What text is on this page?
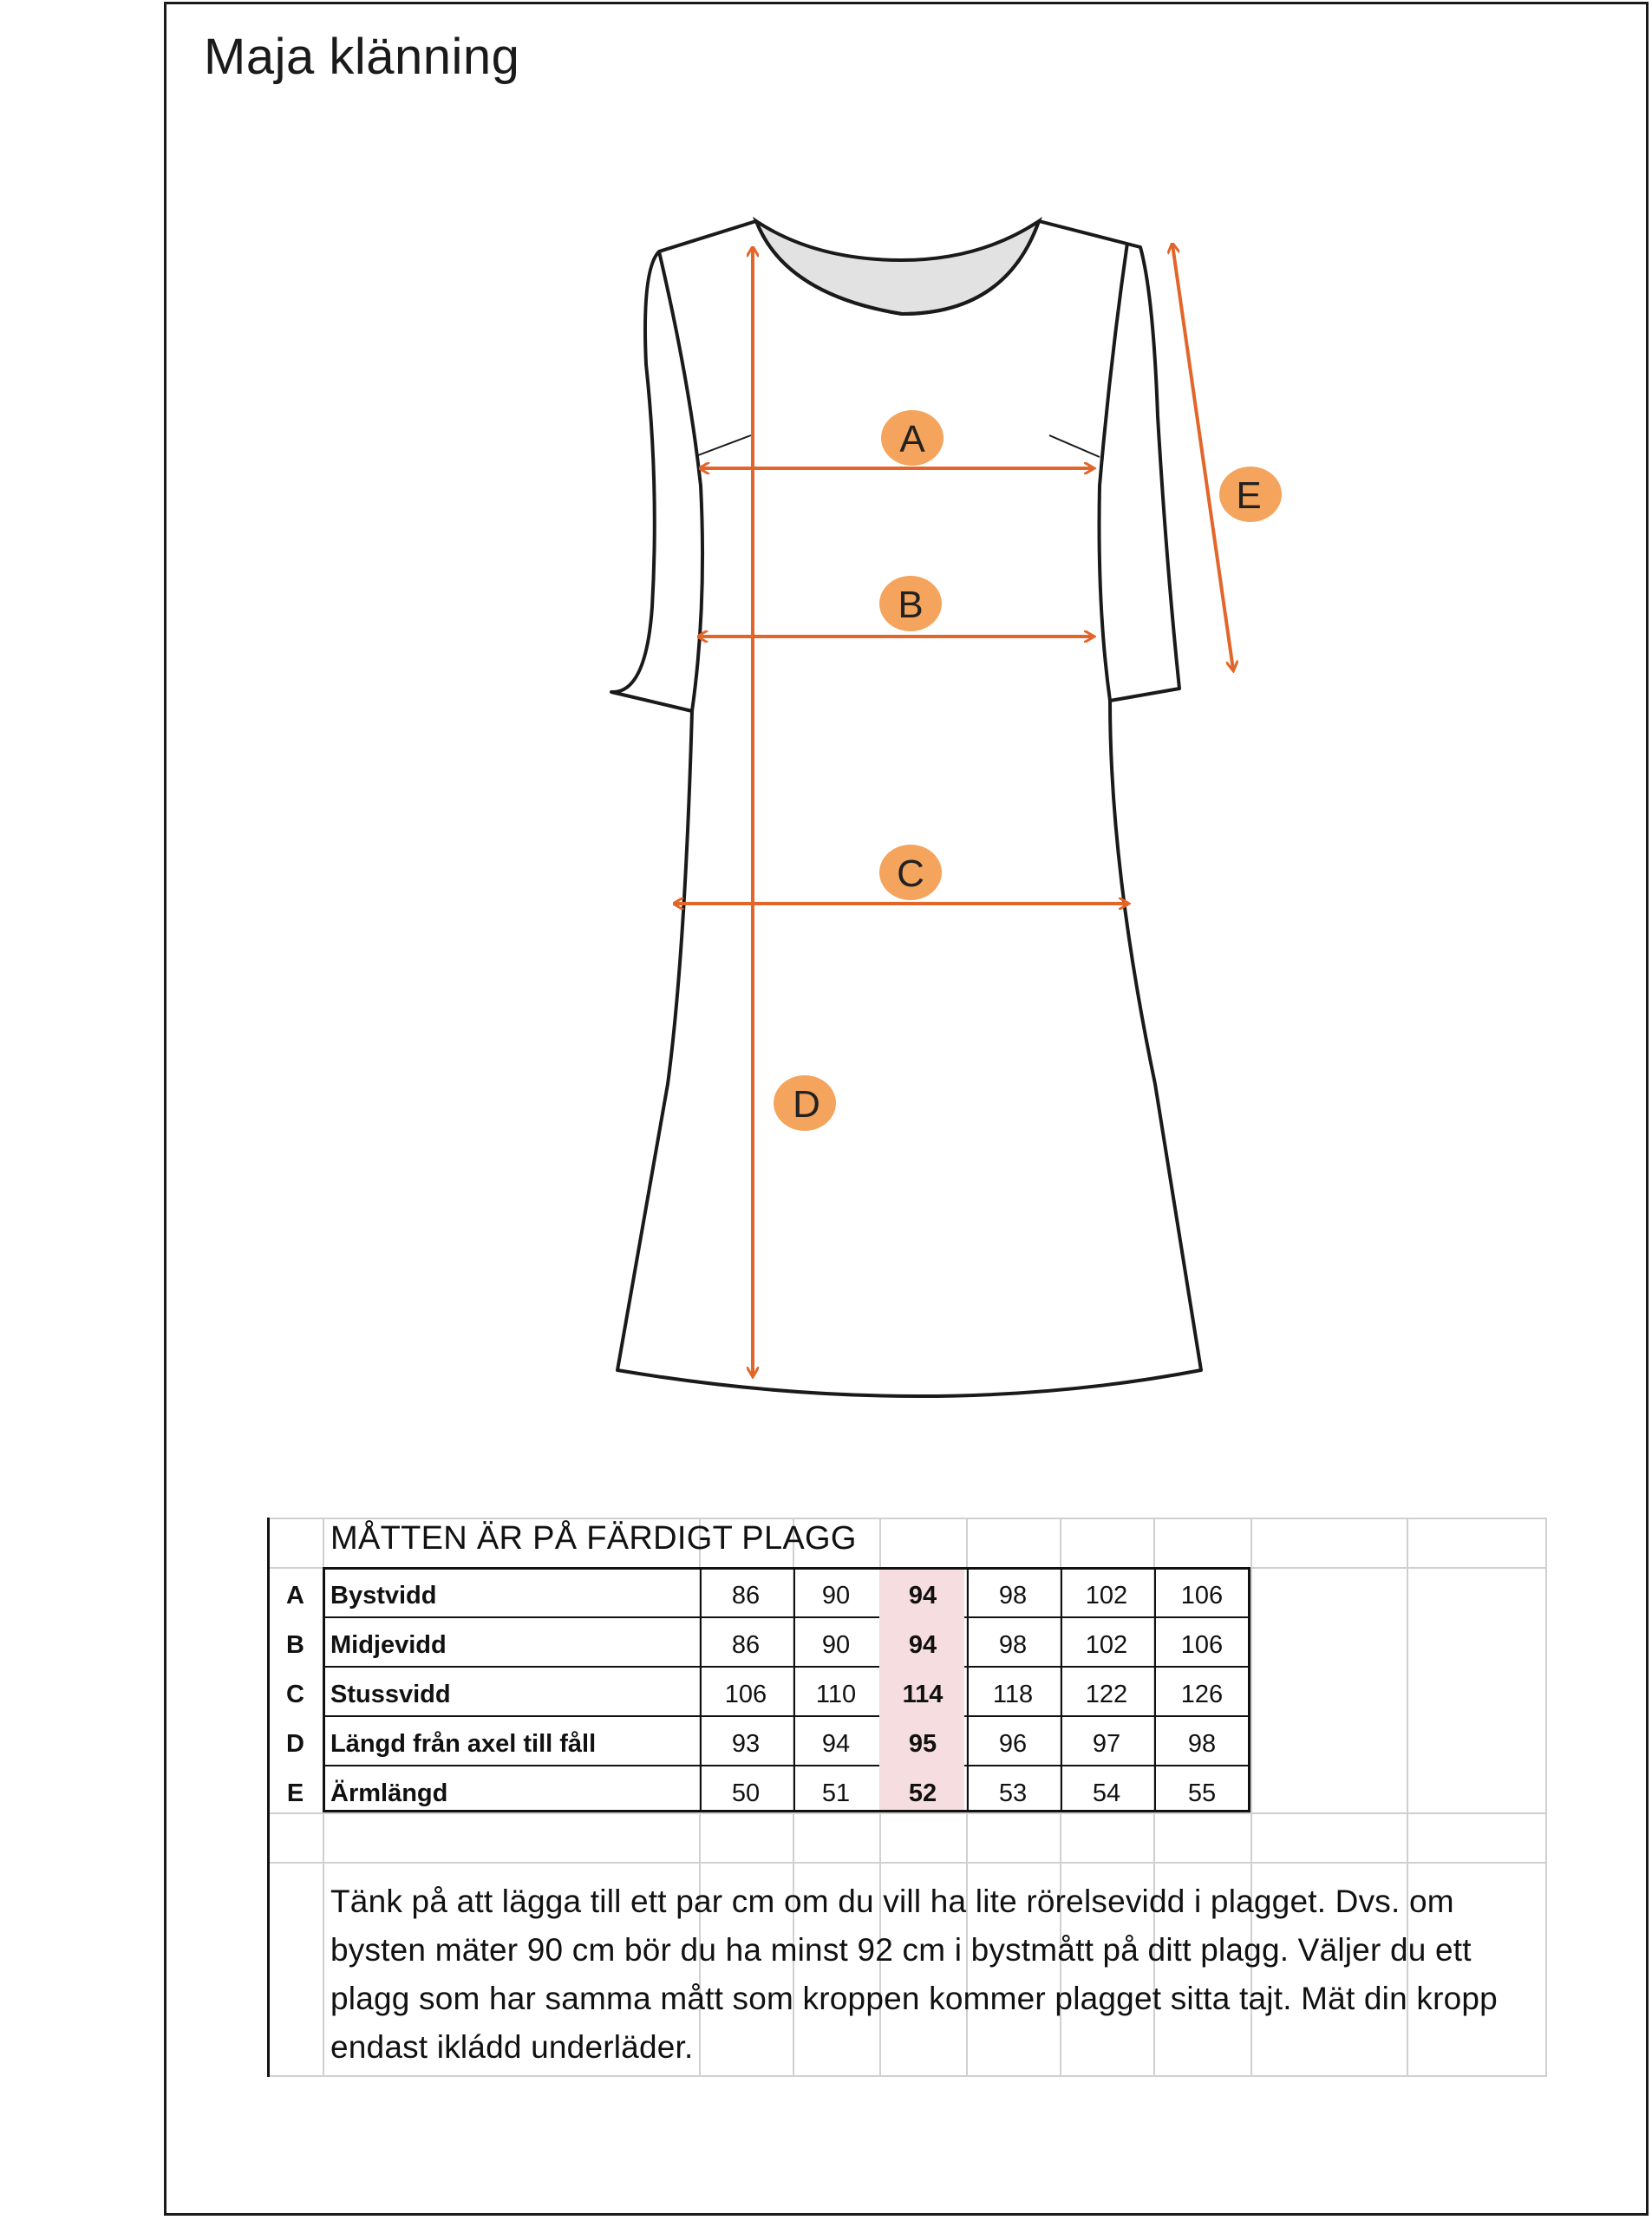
Maja klänning
A
B
C
D
E
MÅTTEN ÄR PÅ FÄRDIGT PLAGG
A	Bystvidd	86	90	94	98	102	106
B	Midjevidd	86	90	94	98	102	106
C	Stussvidd	106	110	114	118	122	126
D	Längd från axel till fåll	93	94	95	96	97	98
E	Ärmlängd	50	51	52	53	54	55
Tänk på att lägga till ett par cm om du vill ha lite rörelsevidd i plagget. Dvs. om bysten mäter 90 cm bör du ha minst 92 cm i bystmått på ditt plagg. Väljer du ett plagg som har samma mått som kroppen kommer plagget sitta tajt. Mät din kropp endast ikládd underläder.
